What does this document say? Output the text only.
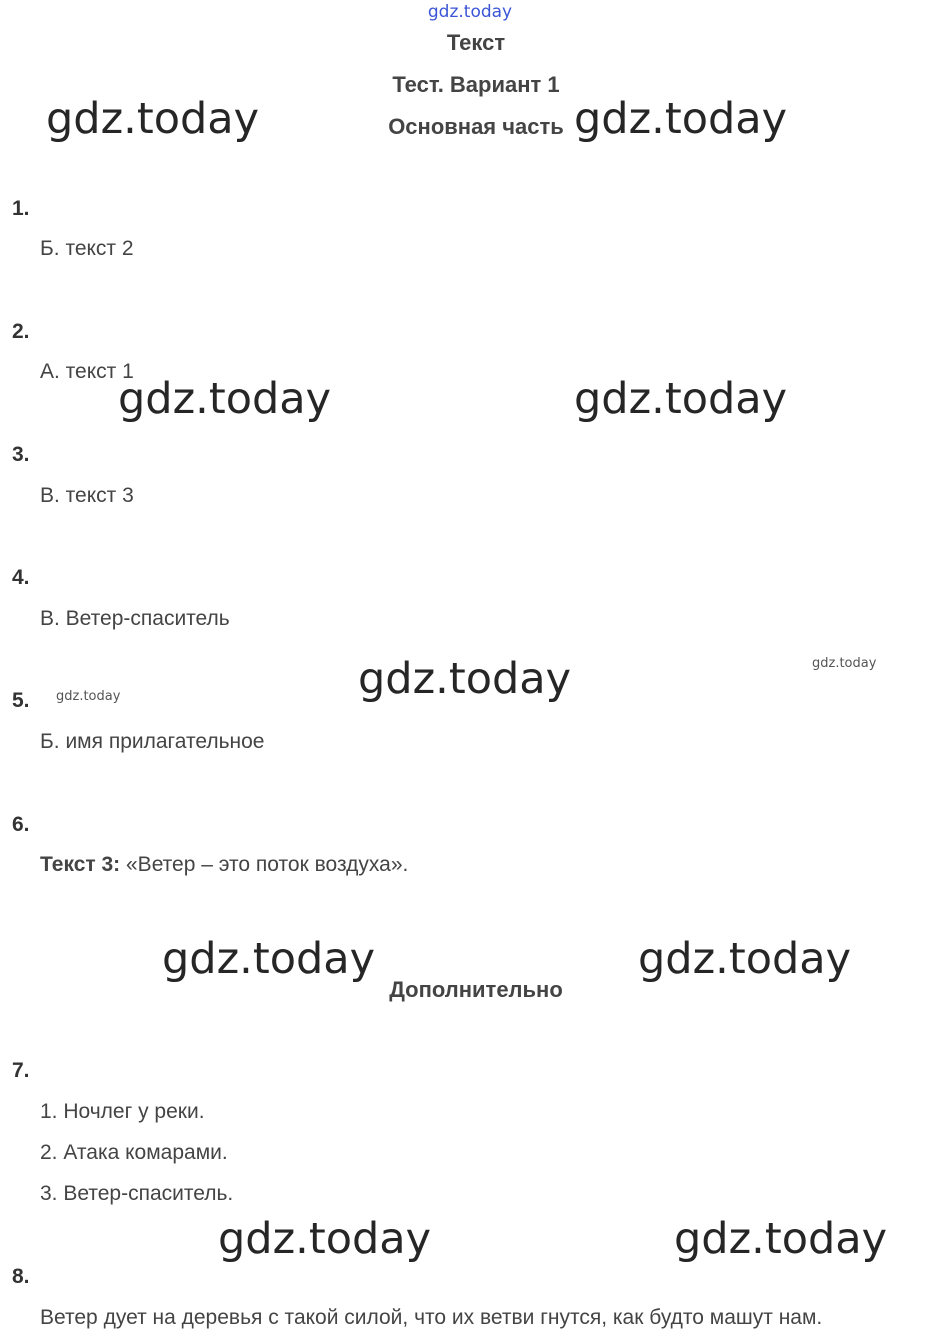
gdz.today
Текст
Тест. Вариант 1
Основная часть
1.
Б. текст 2
2.
А. текст 1
3.
В. текст 3
4.
В. Ветер-спаситель
5.
Б. имя прилагательное
6.
Текст 3: «Ветер – это поток воздуха».
Дополнительно
7.
1. Ночлег у реки.
2. Атака комарами.
3. Ветер-спаситель.
8.
Ветер дует на деревья с такой силой, что их ветви гнутся, как будто машут нам.
gdz.today	gdz.today
gdz.today	gdz.today
gdz.today
gdz.today	gdz.today
gdz.today	gdz.today
gdz.today
gdz.today
